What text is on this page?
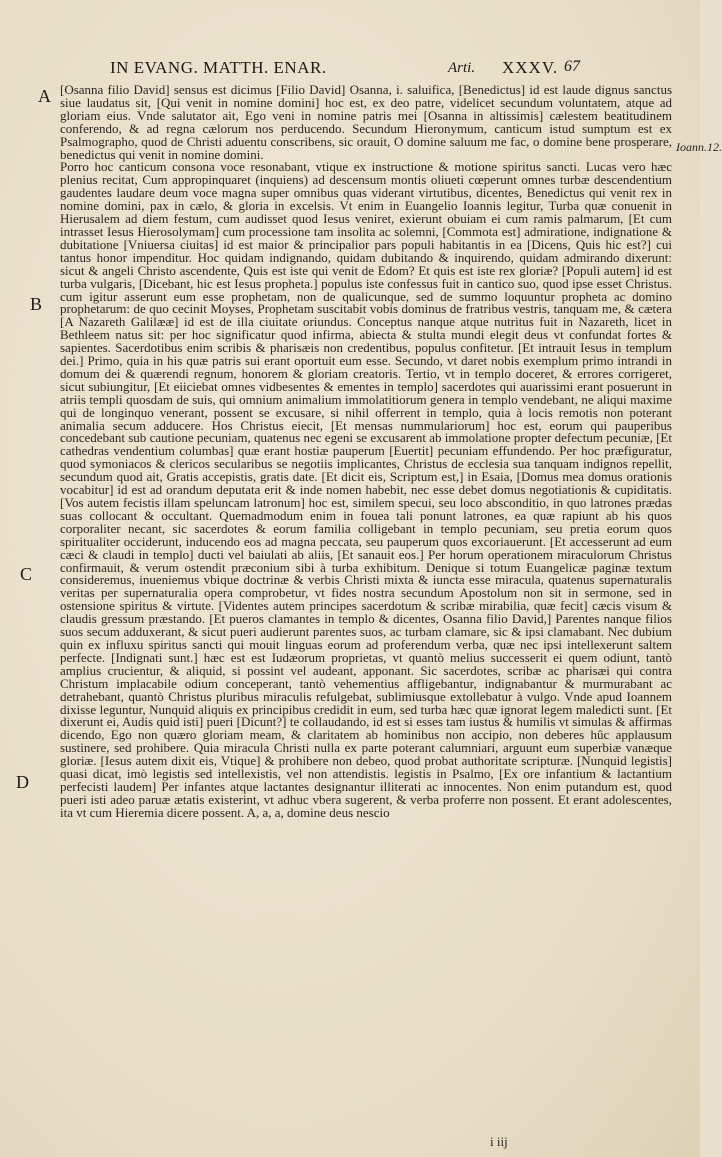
IN EVANG. MATTH. ENAR.	Arti. XXXV. 67
A
B
C
D
Ioann.12.

[Osanna filio David] sensus est dicimus [Filio David] Osanna, i. saluifica, [Benedictus] id est laude dignus sanctus siue laudatus sit, [Qui venit in nomine domini] hoc est, ex deo patre, videlicet secundum voluntatem, atque ad gloriam eius. Vnde salutator ait, Ego veni in nomine patris mei [Osanna in altissimis] cælestem beatitudinem conferendo, & ad regna cælorum nos perducendo. Secundum Hieronymum, canticum istud sumptum est ex Psalmographo, quod de Christi aduentu conscribens, sic orauit, O domine saluum me fac, o domine bene prosperare, benedictus qui venit in nomine domini.

Porro hoc canticum consona voce resonabant, vtique ex instructione & motione spiritus sancti. Lucas vero hæc plenius recitat, Cum appropinquaret (inquiens) ad descensum montis oliueti cœperunt omnes turbæ descendentium gaudentes laudare deum voce magna super omnibus quas viderant virtutibus, dicentes, Benedictus qui venit rex in nomine domini, pax in cælo, & gloria in excelsis. Vt enim in Euangelio Ioannis legitur, Turba quæ conuenit in Hierusalem ad diem festum, cum audisset quod Iesus veniret, exierunt obuiam ei cum ramis palmarum, [Et cum intrasset Iesus Hierosolymam] cum processione tam insolita ac solemni, [Commota est] admiratione, indignatione & dubitatione [Vniuersa ciuitas] id est maior & principalior pars populi habitantis in ea [Dicens, Quis hic est?] cui tantus honor impenditur. Hoc quidam indignando, quidam dubitando & inquirendo, quidam admirando dixerunt: sicut & angeli Christo ascendente, Quis est iste qui venit de Edom? Et quis est iste rex gloriæ? [Populi autem] id est turba vulgaris, [Dicebant, hic est Iesus propheta.] populus iste confessus fuit in cantico suo, quod ipse esset Christus. cum igitur asserunt eum esse prophetam, non de qualicunque, sed de summo loquuntur propheta ac domino prophetarum: de quo cecinit Moyses, Prophetam suscitabit vobis dominus de fratribus vestris, tanquam me, & cætera [A Nazareth Galilææ] id est de illa ciuitate oriundus. Conceptus nanque atque nutritus fuit in Nazareth, licet in Bethleem natus sit: per hoc significatur quod infirma, abiecta & stulta mundi elegit deus vt confundat fortes & sapientes. Sacerdotibus enim scribis & pharisæis non credentibus, populus confitetur. [Et intrauit Iesus in templum dei.] Primo, quia in his quæ patris sui erant oportuit eum esse. Secundo, vt daret nobis exemplum primo intrandi in domum dei & quærendi regnum, honorem & gloriam creatoris. Tertio, vt in templo doceret, & errores corrigeret, sicut subiungitur, [Et eiiciebat omnes vidbesentes & ementes in templo] sacerdotes qui auarissimi erant posuerunt in atriis templi quosdam de suis, qui omnium animalium immolatitiorum genera in templo vendebant, ne aliqui maxime qui de longinquo venerant, possent se excusare, si nihil offerrent in templo, quia à locis remotis non poterant animalia secum adducere. Hos Christus eiecit, [Et mensas nummulariorum] hoc est, eorum qui pauperibus concedebant sub cautione pecuniam, quatenus nec egeni se excusarent ab immolatione propter defectum pecuniæ, [Et cathedras vendentium columbas] quæ erant hostiæ pauperum [Euertit] pecuniam effundendo. Per hoc præfiguratur, quod symoniacos & clericos secularibus se negotiis implicantes, Christus de ecclesia sua tanquam indignos repellit, secundum quod ait, Gratis accepistis, gratis date. [Et dicit eis, Scriptum est,] in Esaia, [Domus mea domus orationis vocabitur] id est ad orandum deputata erit & inde nomen habebit, nec esse debet domus negotiationis & cupiditatis. [Vos autem fecistis illam speluncam latronum] hoc est, similem specui, seu loco absconditio, in quo latrones prædas suas collocant & occultant. Quemadmodum enim in fouea tali ponunt latrones, ea quæ rapiunt ab his quos corporaliter necant, sic sacerdotes & eorum familia colligebant in templo pecuniam, seu pretia eorum quos spiritualiter occiderunt, inducendo eos ad magna peccata, seu pauperum quos excoriauerunt. [Et accesserunt ad eum cæci & claudi in templo] ducti vel baiulati ab aliis, [Et sanauit eos.] Per horum operationem miraculorum Christus confirmauit, & verum ostendit præconium sibi à turba exhibitum. Denique si totum Euangelicæ paginæ textum consideremus, inueniemus vbique doctrinæ & verbis Christi mixta & iuncta esse miracula, quatenus supernaturalis veritas per supernaturalia opera comprobetur, vt fides nostra secundum Apostolum non sit in sermone, sed in ostensione spiritus & virtute. [Videntes autem principes sacerdotum & scribæ mirabilia, quæ fecit] cæcis visum & claudis gressum præstando. [Et pueros clamantes in templo & dicentes, Osanna filio David,] Parentes nanque filios suos secum adduxerant, & sicut pueri audierunt parentes suos, ac turbam clamare, sic & ipsi clamabant. Nec dubium quin ex influxu spiritus sancti qui mouit linguas eorum ad proferendum verba, quæ nec ipsi intellexerunt saltem perfecte. [Indignati sunt.] hæc est est Iudæorum proprietas, vt quantò melius successerit ei quem odiunt, tantò amplius crucientur, & aliquid, si possint vel audeant, apponant. Sic sacerdotes, scribæ ac pharisæi qui contra Christum implacabile odium conceperant, tantò vehementius affligebantur, indignabantur & murmurabant ac detrahebant, quantò Christus pluribus miraculis refulgebat, sublimiusque extollebatur à vulgo. Vnde apud Ioannem dixisse leguntur, Nunquid aliquis ex principibus credidit in eum, sed turba hæc quæ ignorat legem maledicti sunt. [Et dixerunt ei, Audis quid isti] pueri [Dicunt?] te collaudando, id est si esses tam iustus & humilis vt simulas & affirmas dicendo, Ego non quæro gloriam meam, & claritatem ab hominibus non accipio, non deberes hûc applausum sustinere, sed prohibere. Quia miracula Christi nulla ex parte poterant calumniari, arguunt eum superbiæ vanæque gloriæ. [Iesus autem dixit eis, Vtique] & prohibere non debeo, quod probat authoritate scripturæ. [Nunquid legistis] quasi dicat, imò legistis sed intellexistis, vel non attendistis. legistis in Psalmo, [Ex ore infantium & lactantium perfecisti laudem] Per infantes atque lactantes designantur illiterati ac innocentes. Non enim putandum est, quod pueri isti adeo paruæ ætatis existerint, vt adhuc vbera sugerent, & verba proferre non possent. Et erant adolescentes, ita vt cum Hieremia dicere possent. A, a, a, domine deus nescio

i iij
